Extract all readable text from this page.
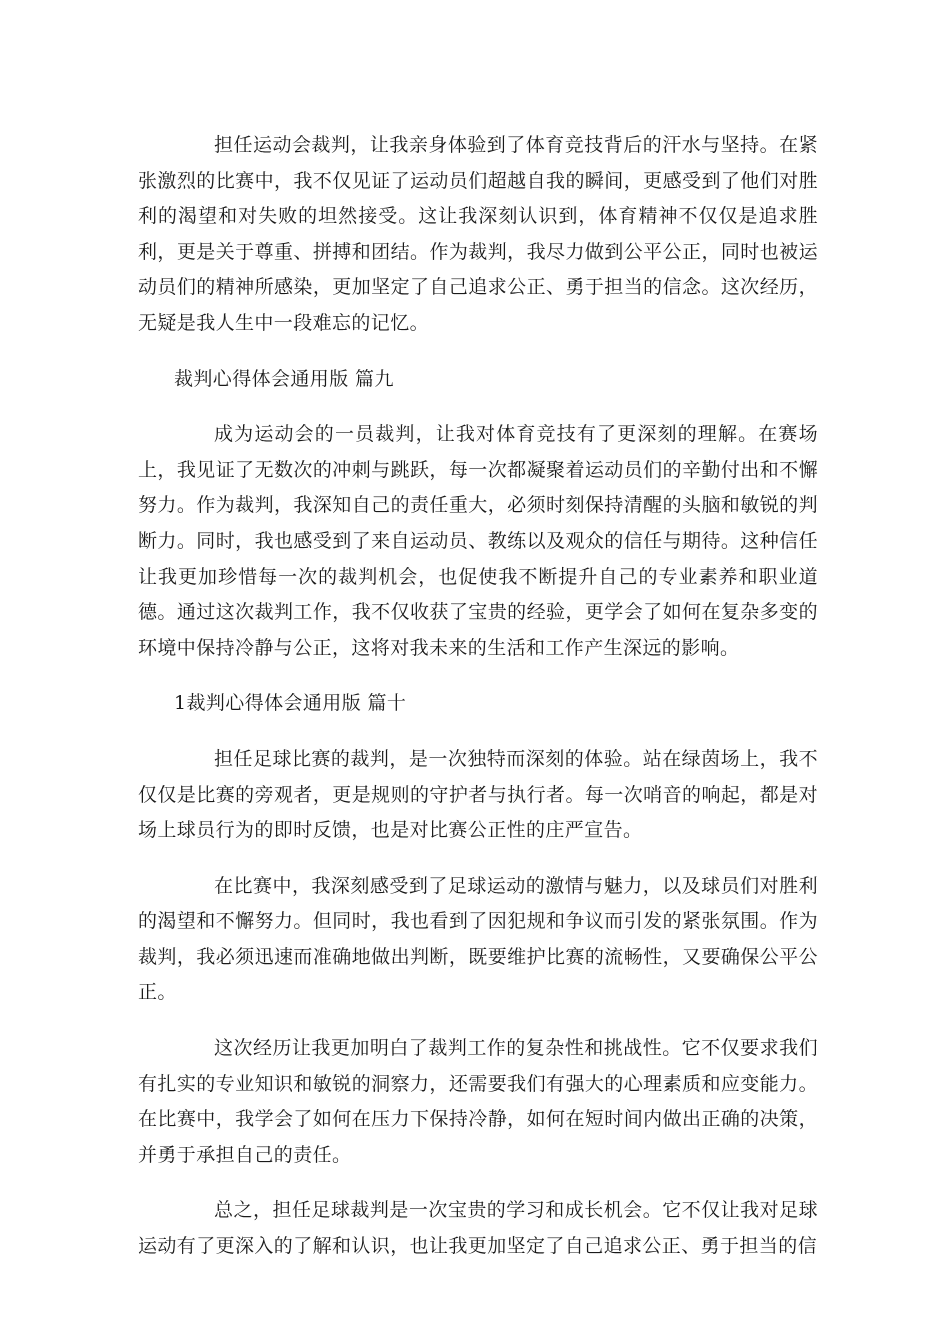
担任运动会裁判，让我亲身体验到了体育竞技背后的汗水与坚持。在紧张激烈的比赛中，我不仅见证了运动员们超越自我的瞬间，更感受到了他们对胜利的渴望和对失败的坦然接受。这让我深刻认识到，体育精神不仅仅是追求胜利，更是关于尊重、拼搏和团结。作为裁判，我尽力做到公平公正，同时也被运动员们的精神所感染，更加坚定了自己追求公正、勇于担当的信念。这次经历，无疑是我人生中一段难忘的记忆。

裁判心得体会通用版 篇九

成为运动会的一员裁判，让我对体育竞技有了更深刻的理解。在赛场上，我见证了无数次的冲刺与跳跃，每一次都凝聚着运动员们的辛勤付出和不懈努力。作为裁判，我深知自己的责任重大，必须时刻保持清醒的头脑和敏锐的判断力。同时，我也感受到了来自运动员、教练以及观众的信任与期待。这种信任让我更加珍惜每一次的裁判机会，也促使我不断提升自己的专业素养和职业道德。通过这次裁判工作，我不仅收获了宝贵的经验，更学会了如何在复杂多变的环境中保持冷静与公正，这将对我未来的生活和工作产生深远的影响。

1裁判心得体会通用版 篇十

担任足球比赛的裁判，是一次独特而深刻的体验。站在绿茵场上，我不仅仅是比赛的旁观者，更是规则的守护者与执行者。每一次哨音的响起，都是对场上球员行为的即时反馈，也是对比赛公正性的庄严宣告。

在比赛中，我深刻感受到了足球运动的激情与魅力，以及球员们对胜利的渴望和不懈努力。但同时，我也看到了因犯规和争议而引发的紧张氛围。作为裁判，我必须迅速而准确地做出判断，既要维护比赛的流畅性，又要确保公平公正。

这次经历让我更加明白了裁判工作的复杂性和挑战性。它不仅要求我们有扎实的专业知识和敏锐的洞察力，还需要我们有强大的心理素质和应变能力。在比赛中，我学会了如何在压力下保持冷静，如何在短时间内做出正确的决策，并勇于承担自己的责任。

总之，担任足球裁判是一次宝贵的学习和成长机会。它不仅让我对足球运动有了更深入的了解和认识，也让我更加坚定了自己追求公正、勇于担当的信
